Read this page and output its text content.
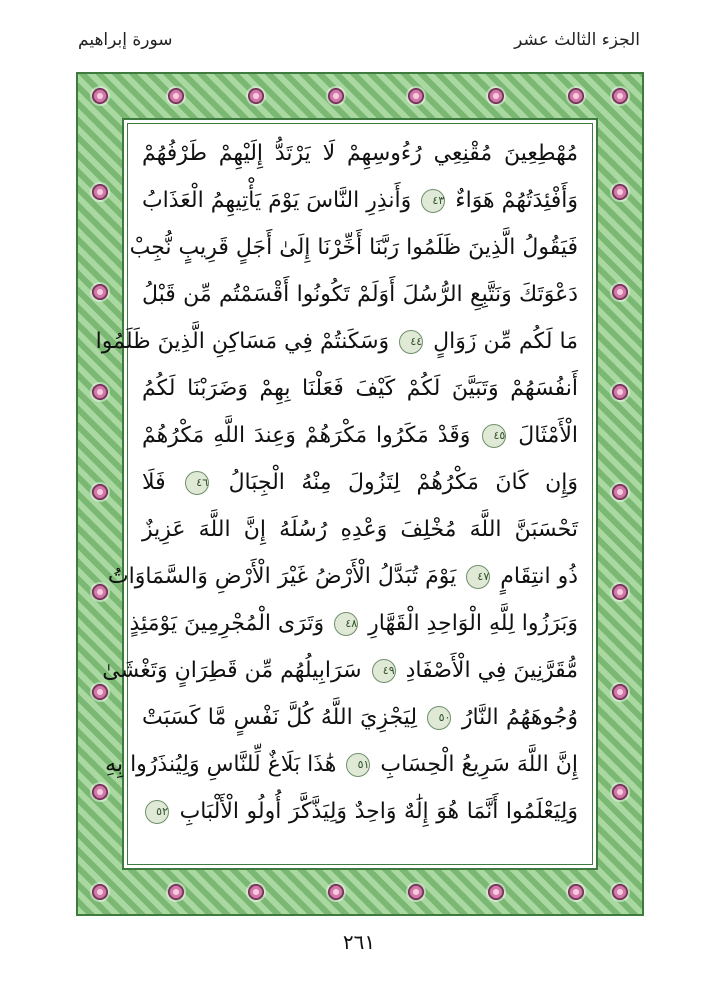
سورة إبراهيم	الجزء الثالث عشر
مُهْطِعِينَ مُقْنِعِي رُءُوسِهِمْ لَا يَرْتَدُّ إِلَيْهِمْ طَرْفُهُمْ
وَأَفْئِدَتُهُمْ هَوَاءٌ ٤٣ وَأَنذِرِ النَّاسَ يَوْمَ يَأْتِيهِمُ الْعَذَابُ
فَيَقُولُ الَّذِينَ ظَلَمُوا رَبَّنَا أَخِّرْنَا إِلَىٰ أَجَلٍ قَرِيبٍ نُّجِبْ
دَعْوَتَكَ وَنَتَّبِعِ الرُّسُلَ أَوَلَمْ تَكُونُوا أَقْسَمْتُم مِّن قَبْلُ
مَا لَكُم مِّن زَوَالٍ ٤٤ وَسَكَنتُمْ فِي مَسَاكِنِ الَّذِينَ ظَلَمُوا
أَنفُسَهُمْ وَتَبَيَّنَ لَكُمْ كَيْفَ فَعَلْنَا بِهِمْ وَضَرَبْنَا لَكُمُ
الْأَمْثَالَ ٤٥ وَقَدْ مَكَرُوا مَكْرَهُمْ وَعِندَ اللَّهِ مَكْرُهُمْ
وَإِن كَانَ مَكْرُهُمْ لِتَزُولَ مِنْهُ الْجِبَالُ ٤٦ فَلَا
تَحْسَبَنَّ اللَّهَ مُخْلِفَ وَعْدِهِ رُسُلَهُ إِنَّ اللَّهَ عَزِيزٌ
ذُو انتِقَامٍ ٤٧ يَوْمَ تُبَدَّلُ الْأَرْضُ غَيْرَ الْأَرْضِ وَالسَّمَاوَاتُ
وَبَرَزُوا لِلَّهِ الْوَاحِدِ الْقَهَّارِ ٤٨ وَتَرَى الْمُجْرِمِينَ يَوْمَئِذٍ
مُّقَرَّنِينَ فِي الْأَصْفَادِ ٤٩ سَرَابِيلُهُم مِّن قَطِرَانٍ وَتَغْشَىٰ
وُجُوهَهُمُ النَّارُ ٥٠ لِيَجْزِيَ اللَّهُ كُلَّ نَفْسٍ مَّا كَسَبَتْ
إِنَّ اللَّهَ سَرِيعُ الْحِسَابِ ٥١ هَٰذَا بَلَاغٌ لِّلنَّاسِ وَلِيُنذَرُوا بِهِ
وَلِيَعْلَمُوا أَنَّمَا هُوَ إِلَٰهٌ وَاحِدٌ وَلِيَذَّكَّرَ أُولُو الْأَلْبَابِ ٥٢
٢٦١
